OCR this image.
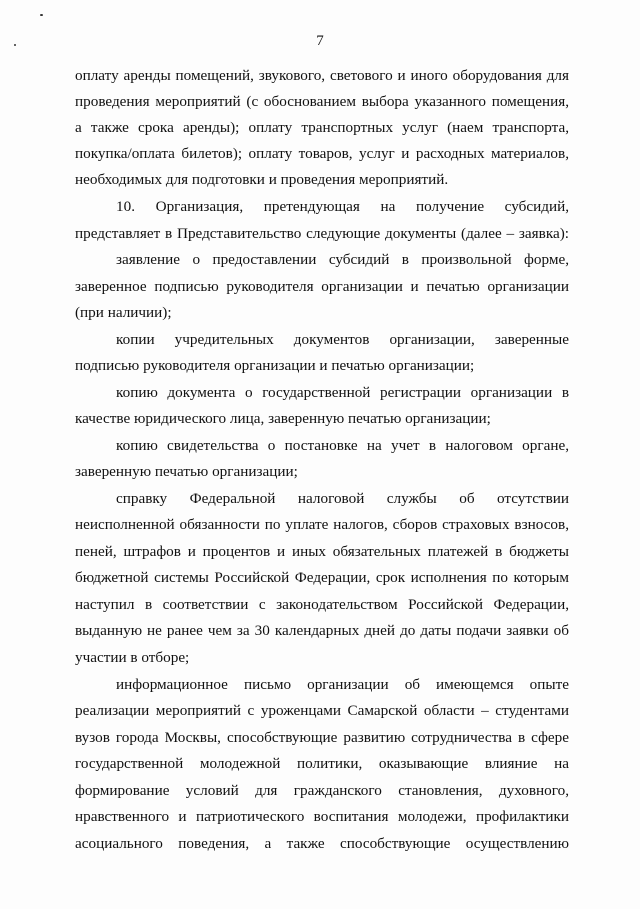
7
оплату аренды помещений, звукового, светового и иного оборудования для
проведения мероприятий (с обоснованием выбора указанного помещения,
а также срока аренды); оплату транспортных услуг (наем транспорта,
покупка/оплата билетов); оплату товаров, услуг и расходных материалов,
необходимых для подготовки и проведения мероприятий.
10. Организация, претендующая на получение субсидий,
представляет в Представительство следующие документы (далее – заявка):
заявление о предоставлении субсидий в произвольной форме,
заверенное подписью руководителя организации и печатью организации
(при наличии);
копии учредительных документов организации, заверенные
подписью руководителя организации и печатью организации;
копию документа о государственной регистрации организации в
качестве юридического лица, заверенную печатью организации;
копию свидетельства о постановке на учет в налоговом органе,
заверенную печатью организации;
справку Федеральной налоговой службы об отсутствии
неисполненной обязанности по уплате налогов, сборов страховых взносов,
пеней, штрафов и процентов и иных обязательных платежей в бюджеты
бюджетной системы Российской Федерации, срок исполнения по которым
наступил в соответствии с законодательством Российской Федерации,
выданную не ранее чем за 30 календарных дней до даты подачи заявки об
участии в отборе;
информационное письмо организации об имеющемся опыте
реализации мероприятий с уроженцами Самарской области – студентами
вузов города Москвы, способствующие развитию сотрудничества в сфере
государственной молодежной политики, оказывающие влияние на
формирование условий для гражданского становления, духовного,
нравственного и патриотического воспитания молодежи, профилактики
асоциального поведения, а также способствующие осуществлению
